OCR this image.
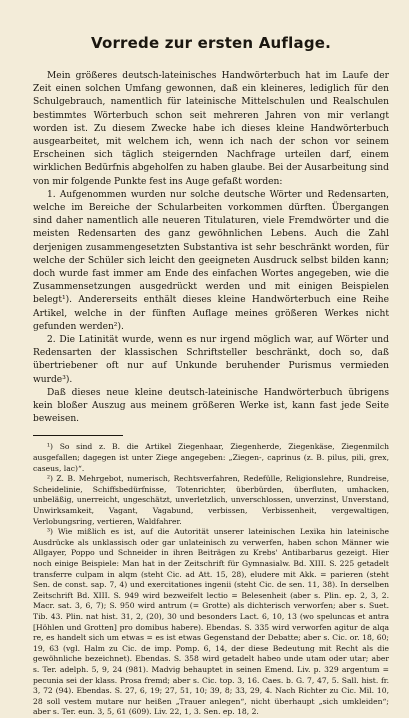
Vorrede zur ersten Auflage.

Mein größeres deutsch-lateinisches Handwörterbuch hat im Laufe der Zeit einen solchen Umfang gewonnen, daß ein kleineres, lediglich für den Schulgebrauch, namentlich für lateinische Mittelschulen und Realschulen bestimmtes Wörterbuch schon seit mehreren Jahren von mir verlangt worden ist. Zu diesem Zwecke habe ich dieses kleine Handwörterbuch ausgearbeitet, mit welchem ich, wenn ich nach der schon vor seinem Erscheinen sich täglich steigernden Nachfrage urteilen darf, einem wirklichen Bedürfnis abgeholfen zu haben glaube. Bei der Ausarbeitung sind von mir folgende Punkte fest ins Auge gefaßt worden:

1. Aufgenommen wurden nur solche deutsche Wörter und Redensarten, welche im Bereiche der Schularbeiten vorkommen dürften. Übergangen sind daher namentlich alle neueren Titulaturen, viele Fremdwörter und die meisten Redensarten des ganz gewöhnlichen Lebens. Auch die Zahl derjenigen zusammengesetzten Substantiva ist sehr beschränkt worden, für welche der Schüler sich leicht den geeigneten Ausdruck selbst bilden kann; doch wurde fast immer am Ende des einfachen Wortes angegeben, wie die Zusammensetzungen ausgedrückt werden und mit einigen Beispielen belegt¹). Andererseits enthält dieses kleine Handwörterbuch eine Reihe Artikel, welche in der fünften Auflage meines größeren Werkes nicht gefunden werden²).

2. Die Latinität wurde, wenn es nur irgend möglich war, auf Wörter und Redensarten der klassischen Schriftsteller beschränkt, doch so, daß übertriebener oft nur auf Unkunde beruhender Purismus vermieden wurde³).

Daß dieses neue kleine deutsch-lateinische Handwörterbuch übrigens kein bloßer Auszug aus meinem größeren Werke ist, kann fast jede Seite beweisen.

¹) So sind z. B. die Artikel Ziegenhaar, Ziegenherde, Ziegenkäse, Ziegenmilch ausgefallen; dagegen ist unter Ziege angegeben: „Ziegen-, caprinus (z. B. pilus, pili, grex, caseus, lac)“.

²) Z. B. Mehrgebot, numerisch, Rechtsverfahren, Redefülle, Religionslehre, Rundreise, Scheidelinie, Schiffsbedürfnisse, Totenrichter, überbürden, überfluten, umhacken, unbeläßig, unerreicht, ungeschätzt, unverletzlich, unverschlossen, unverzinst, Unverstand, Unwirksamkeit, Vagant, Vagabund, verbissen, Verbissenheit, vergewaltigen, Verlobungsring, vertieren, Waldfahrer.

³) Wie mißlich es ist, auf die Autorität unserer lateinischen Lexika hin lateinische Ausdrücke als unklassisch oder gar unlateinisch zu verwerfen, haben schon Männer wie Allgayer, Poppo und Schneider in ihren Beiträgen zu Krebs' Antibarbarus gezeigt. Hier noch einige Beispiele: Man hat in der Zeitschrift für Gymnasialw. Bd. XIII. S. 225 getadelt transferre culpam in alqm (steht Cic. ad Att. 15, 28), eludere mit Akk. = parieren (steht Sen. de const. sap. 7, 4) und exercitationes ingenii (steht Cic. de sen. 11, 38). In derselben Zeitschrift Bd. XIII. S. 949 wird bezweifelt lectio = Belesenheit (aber s. Plin. ep. 2, 3, 2. Macr. sat. 3, 6, 7); S. 950 wird antrum (= Grotte) als dichterisch verworfen; aber s. Suet. Tib. 43. Plin. nat hist. 31, 2, (20), 30 und besonders Lact. 6, 10, 13 (wo speluncas et antra [Höhlen und Grotten] pro domibus habere). Ebendas. S. 335 wird verworfen agitur de alqa re, es handelt sich um etwas = es ist etwas Gegenstand der Debatte; aber s. Cic. or. 18, 60; 19, 63 (vgl. Halm zu Cic. de imp. Pomp. 6, 14, der diese Bedeutung mit Recht als die gewöhnliche bezeichnet). Ebendas. S. 358 wird getadelt habeo unde utam oder utar; aber s. Ter. adelph. 5, 9, 24 (981). Madvig behauptet in seinen Emend. Liv. p. 329 argentum = pecunia sei der klass. Prosa fremd; aber s. Cic. top. 3, 16. Caes. b. G. 7, 47, 5. Sall. hist. fr. 3, 72 (94). Ebendas. S. 27, 6, 19; 27, 51, 10; 39, 8; 33, 29, 4. Nach Richter zu Cic. Mil. 10, 28 soll vestem mutare nur heißen „Trauer anlegen“, nicht überhaupt „sich umkleiden“; aber s. Ter. eun. 3, 5, 61 (609). Liv. 22, 1, 3. Sen. ep. 18, 2.
